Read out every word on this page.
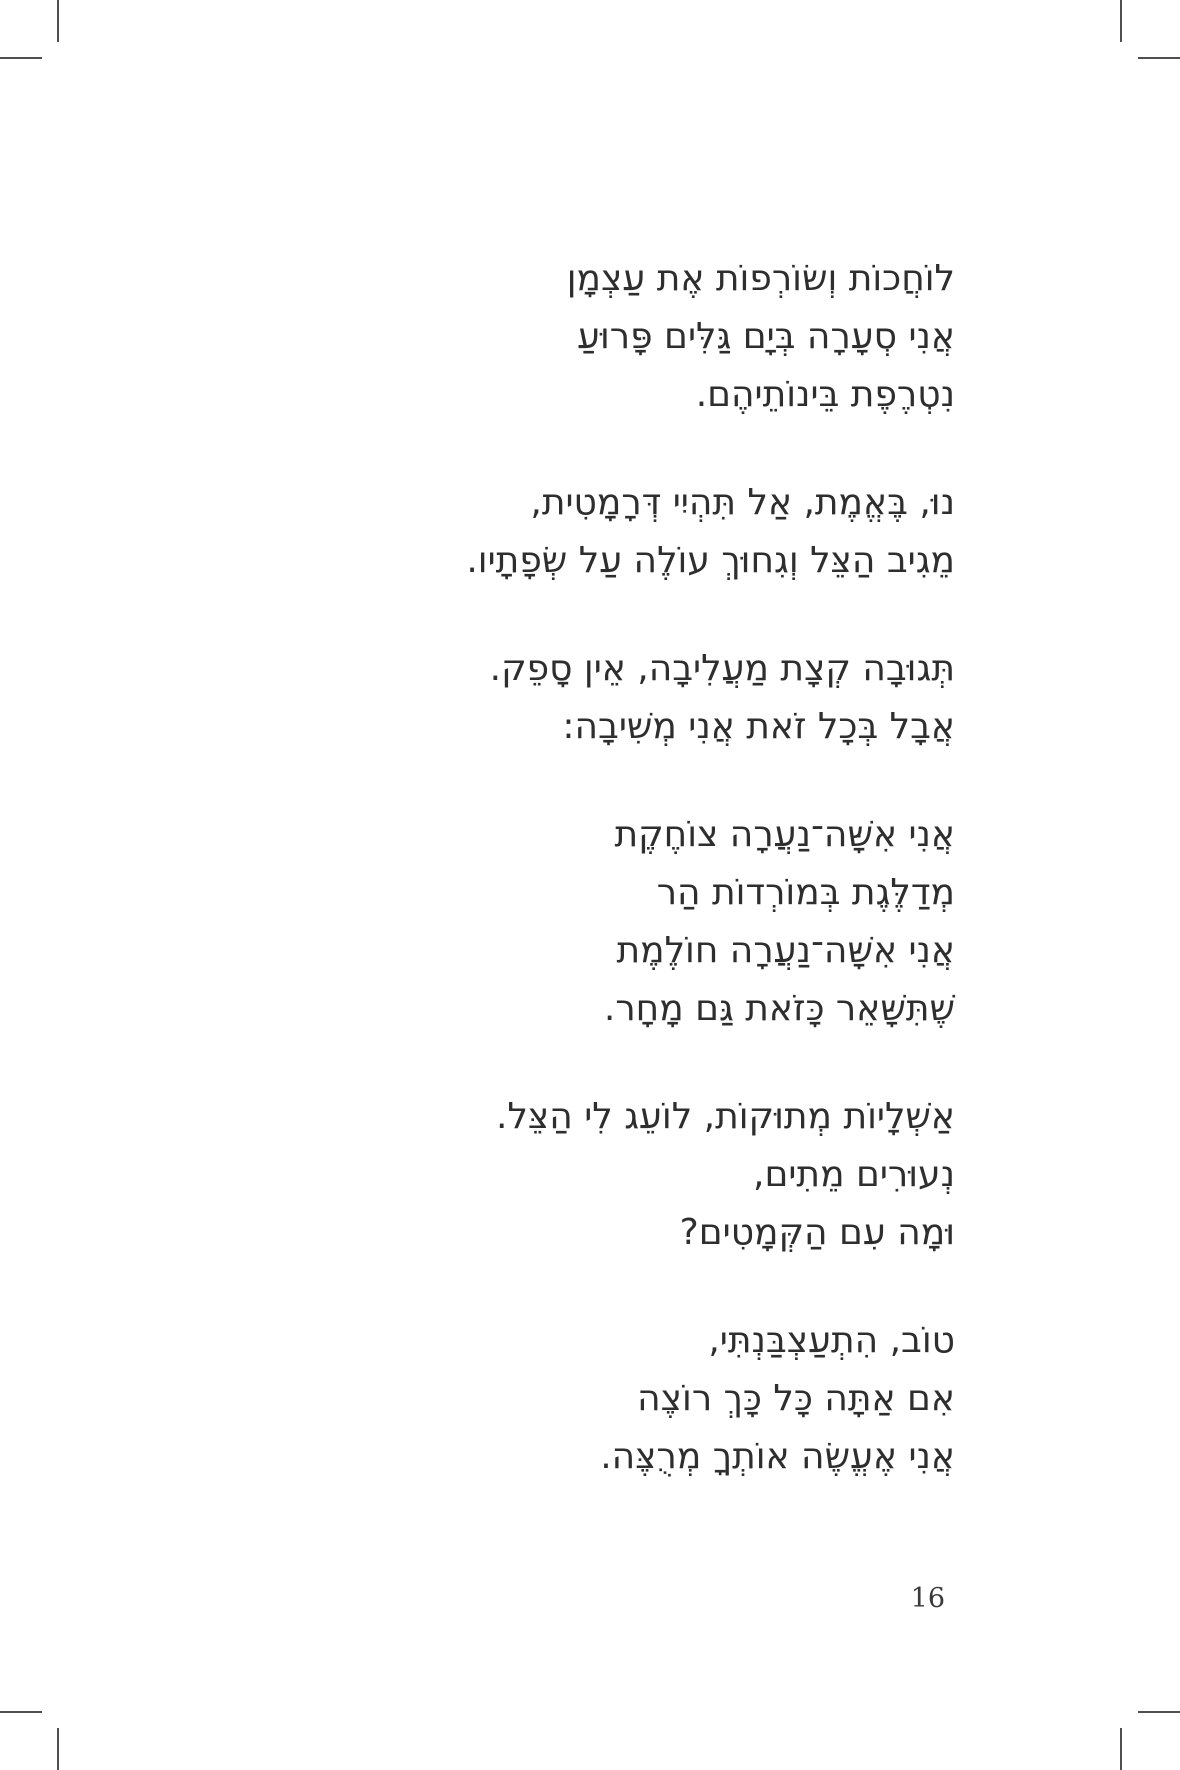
לוֹחֲכוֹת וְשׂוֹרְפוֹת אֶת עַצְמָן

אֲנִי סְעָרָה בְּיָם גַּלִּים פָּרוּעַ

נִטְרֶפֶת בֵּינוֹתֵיהֶם.

נוּ, בֶּאֱמֶת, אַל תִּהְיִי דְּרָמָטִית,

מֵגִיב הַצֵּל וְגִחוּךְ עוֹלֶה עַל שְׂפָתָיו.

תְּגוּבָה קְצָת מַעֲלִיבָה, אֵין סָפֵק.

אֲבָל בְּכָל זֹאת אֲנִי מְשִׁיבָה:

אֲנִי אִשָּׁה־נַעֲרָה צוֹחֶקֶת

מְדַלֶּגֶת בְּמוֹרְדוֹת הַר

אֲנִי אִשָּׁה־נַעֲרָה חוֹלֶמֶת

שֶׁתִּשָּׁאֵר כָּזֹאת גַּם מָחָר.

אַשְׁלָיוֹת מְתוּקוֹת, לוֹעֵג לִי הַצֵּל.

נְעוּרִים מֵתִים,

וּמָה עִם הַקְּמָטִים?

טוֹב, הִתְעַצְבַּנְתִּי,

אִם אַתָּה כָּל כָּךְ רוֹצֶה

אֲנִי אֶעֱשֶׂה אוֹתְךָ מְרֻצֶּה.

16
